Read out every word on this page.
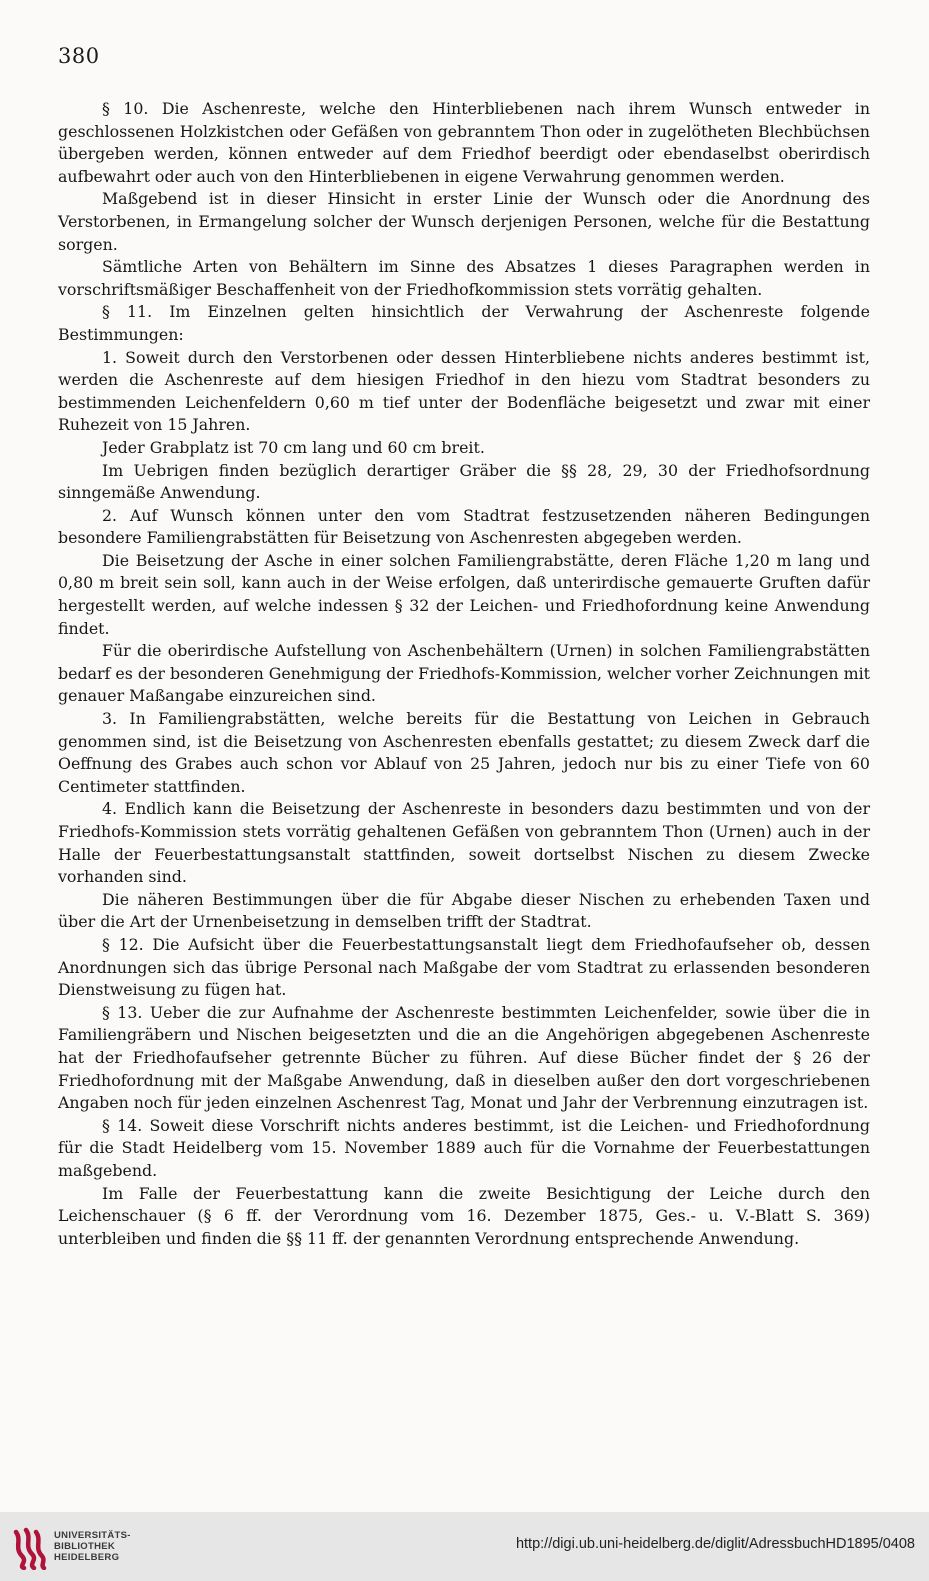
380

§ 10. Die Aschenreste, welche den Hinterbliebenen nach ihrem Wunsch entweder in geschlossenen Holzkistchen oder Gefäßen von gebranntem Thon oder in zugelötheten Blechbüchsen übergeben werden, können entweder auf dem Friedhof beerdigt oder ebendaselbst oberirdisch aufbewahrt oder auch von den Hinterbliebenen in eigene Verwahrung genommen werden.

Maßgebend ist in dieser Hinsicht in erster Linie der Wunsch oder die Anordnung des Verstorbenen, in Ermangelung solcher der Wunsch derjenigen Personen, welche für die Bestattung sorgen.

Sämtliche Arten von Behältern im Sinne des Absatzes 1 dieses Paragraphen werden in vorschriftsmäßiger Beschaffenheit von der Friedhofkommission stets vorrätig gehalten.

§ 11. Im Einzelnen gelten hinsichtlich der Verwahrung der Aschenreste folgende Bestimmungen:

1. Soweit durch den Verstorbenen oder dessen Hinterbliebene nichts anderes bestimmt ist, werden die Aschenreste auf dem hiesigen Friedhof in den hiezu vom Stadtrat besonders zu bestimmenden Leichenfeldern 0,60 m tief unter der Bodenfläche beigesetzt und zwar mit einer Ruhezeit von 15 Jahren.

Jeder Grabplatz ist 70 cm lang und 60 cm breit.

Im Uebrigen finden bezüglich derartiger Gräber die §§ 28, 29, 30 der Friedhofsordnung sinngemäße Anwendung.

2. Auf Wunsch können unter den vom Stadtrat festzusetzenden näheren Bedingungen besondere Familiengrabstätten für Beisetzung von Aschenresten abgegeben werden.

Die Beisetzung der Asche in einer solchen Familiengrabstätte, deren Fläche 1,20 m lang und 0,80 m breit sein soll, kann auch in der Weise erfolgen, daß unterirdische gemauerte Gruften dafür hergestellt werden, auf welche indessen § 32 der Leichen- und Friedhofordnung keine Anwendung findet.

Für die oberirdische Aufstellung von Aschenbehältern (Urnen) in solchen Familiengrabstätten bedarf es der besonderen Genehmigung der Friedhofs-Kommission, welcher vorher Zeichnungen mit genauer Maßangabe einzureichen sind.

3. In Familiengrabstätten, welche bereits für die Bestattung von Leichen in Gebrauch genommen sind, ist die Beisetzung von Aschenresten ebenfalls gestattet; zu diesem Zweck darf die Oeffnung des Grabes auch schon vor Ablauf von 25 Jahren, jedoch nur bis zu einer Tiefe von 60 Centimeter stattfinden.

4. Endlich kann die Beisetzung der Aschenreste in besonders dazu bestimmten und von der Friedhofs-Kommission stets vorrätig gehaltenen Gefäßen von gebranntem Thon (Urnen) auch in der Halle der Feuerbestattungsanstalt stattfinden, soweit dortselbst Nischen zu diesem Zwecke vorhanden sind.

Die näheren Bestimmungen über die für Abgabe dieser Nischen zu erhebenden Taxen und über die Art der Urnenbeisetzung in demselben trifft der Stadtrat.

§ 12. Die Aufsicht über die Feuerbestattungsanstalt liegt dem Friedhofaufseher ob, dessen Anordnungen sich das übrige Personal nach Maßgabe der vom Stadtrat zu erlassenden besonderen Dienstweisung zu fügen hat.

§ 13. Ueber die zur Aufnahme der Aschenreste bestimmten Leichenfelder, sowie über die in Familiengräbern und Nischen beigesetzten und die an die Angehörigen abgegebenen Aschenreste hat der Friedhofaufseher getrennte Bücher zu führen. Auf diese Bücher findet der § 26 der Friedhofordnung mit der Maßgabe Anwendung, daß in dieselben außer den dort vorgeschriebenen Angaben noch für jeden einzelnen Aschenrest Tag, Monat und Jahr der Verbrennung einzutragen ist.

§ 14. Soweit diese Vorschrift nichts anderes bestimmt, ist die Leichen- und Friedhofordnung für die Stadt Heidelberg vom 15. November 1889 auch für die Vornahme der Feuerbestattungen maßgebend.

Im Falle der Feuerbestattung kann die zweite Besichtigung der Leiche durch den Leichenschauer (§ 6 ff. der Verordnung vom 16. Dezember 1875, Ges.- u. V.-Blatt S. 369) unterbleiben und finden die §§ 11 ff. der genannten Verordnung entsprechende Anwendung.

UNIVERSITÄTS-
BIBLIOTHEK
HEIDELBERG
http://digi.ub.uni-heidelberg.de/diglit/AdressbuchHD1895/0408
